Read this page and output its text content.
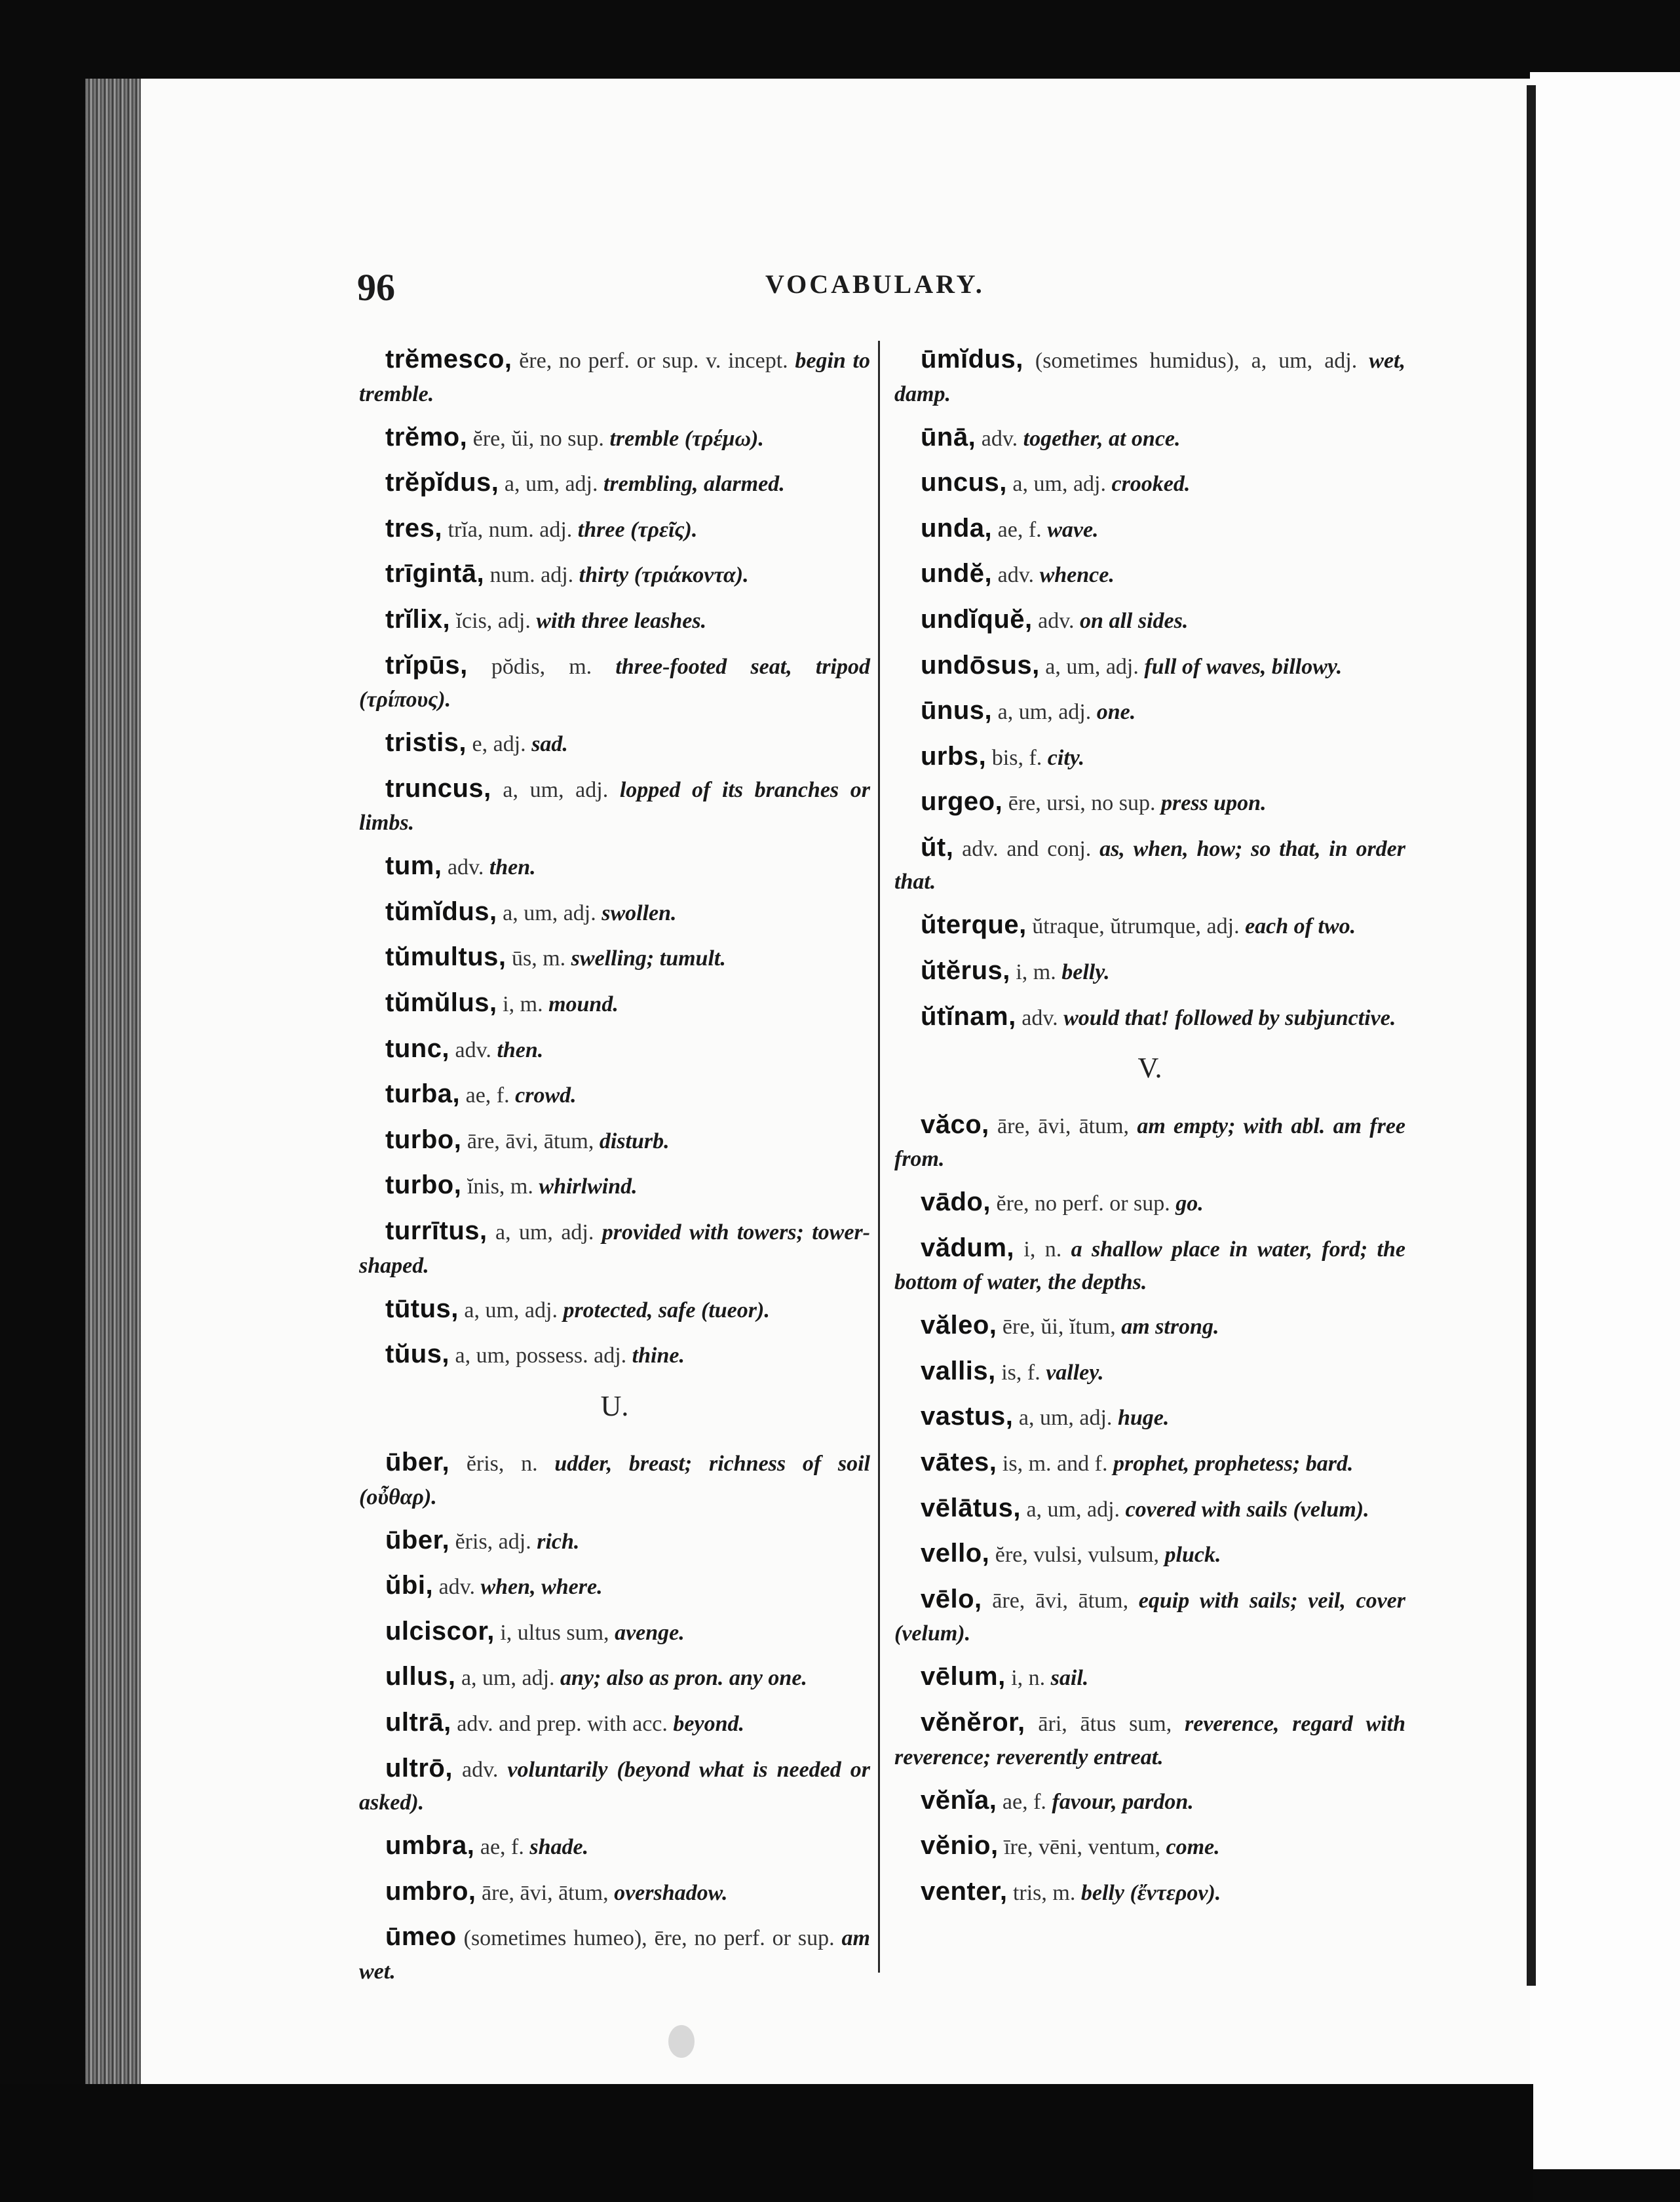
96	VOCABULARY.

trĕmesco, ĕre, no perf. or sup. v. incept. begin to tremble.

trĕmo, ĕre, ŭi, no sup. tremble (τρέμω).

trĕpĭdus, a, um, adj. trembling, alarmed.

tres, trĭa, num. adj. three (τρεῖς).

trīgintā, num. adj. thirty (τριάκοντα).

trĭlix, ĭcis, adj. with three leashes.

trĭpūs, pŏdis, m. three-footed seat, tripod (τρίπους).

tristis, e, adj. sad.

truncus, a, um, adj. lopped of its branches or limbs.

tum, adv. then.

tŭmĭdus, a, um, adj. swollen.

tŭmultus, ūs, m. swelling; tumult.

tŭmŭlus, i, m. mound.

tunc, adv. then.

turba, ae, f. crowd.

turbo, āre, āvi, ātum, disturb.

turbo, ĭnis, m. whirlwind.

turrītus, a, um, adj. provided with towers; tower-shaped.

tūtus, a, um, adj. protected, safe (tueor).

tŭus, a, um, possess. adj. thine.

U.

ūber, ĕris, n. udder, breast; richness of soil (οὖθαρ).

ūber, ĕris, adj. rich.

ŭbi, adv. when, where.

ulciscor, i, ultus sum, avenge.

ullus, a, um, adj. any; also as pron. any one.

ultrā, adv. and prep. with acc. beyond.

ultrō, adv. voluntarily (beyond what is needed or asked).

umbra, ae, f. shade.

umbro, āre, āvi, ātum, overshadow.

ūmeo (sometimes humeo), ēre, no perf. or sup. am wet.

ūmĭdus, (sometimes humidus), a, um, adj. wet, damp.

ūnā, adv. together, at once.

uncus, a, um, adj. crooked.

unda, ae, f. wave.

undĕ, adv. whence.

undĭquĕ, adv. on all sides.

undōsus, a, um, adj. full of waves, billowy.

ūnus, a, um, adj. one.

urbs, bis, f. city.

urgeo, ēre, ursi, no sup. press upon.

ŭt, adv. and conj. as, when, how; so that, in order that.

ŭterque, ŭtraque, ŭtrumque, adj. each of two.

ŭtĕrus, i, m. belly.

ŭtĭnam, adv. would that! followed by subjunctive.

V.

văco, āre, āvi, ātum, am empty; with abl. am free from.

vādo, ĕre, no perf. or sup. go.

vădum, i, n. a shallow place in water, ford; the bottom of water, the depths.

văleo, ēre, ŭi, ĭtum, am strong.

vallis, is, f. valley.

vastus, a, um, adj. huge.

vātes, is, m. and f. prophet, prophetess; bard.

vēlātus, a, um, adj. covered with sails (velum).

vello, ĕre, vulsi, vulsum, pluck.

vēlo, āre, āvi, ātum, equip with sails; veil, cover (velum).

vēlum, i, n. sail.

vĕnĕror, āri, ātus sum, reverence, regard with reverence; reverently entreat.

vĕnĭa, ae, f. favour, pardon.

vĕnio, īre, vēni, ventum, come.

venter, tris, m. belly (ἔντερον).
